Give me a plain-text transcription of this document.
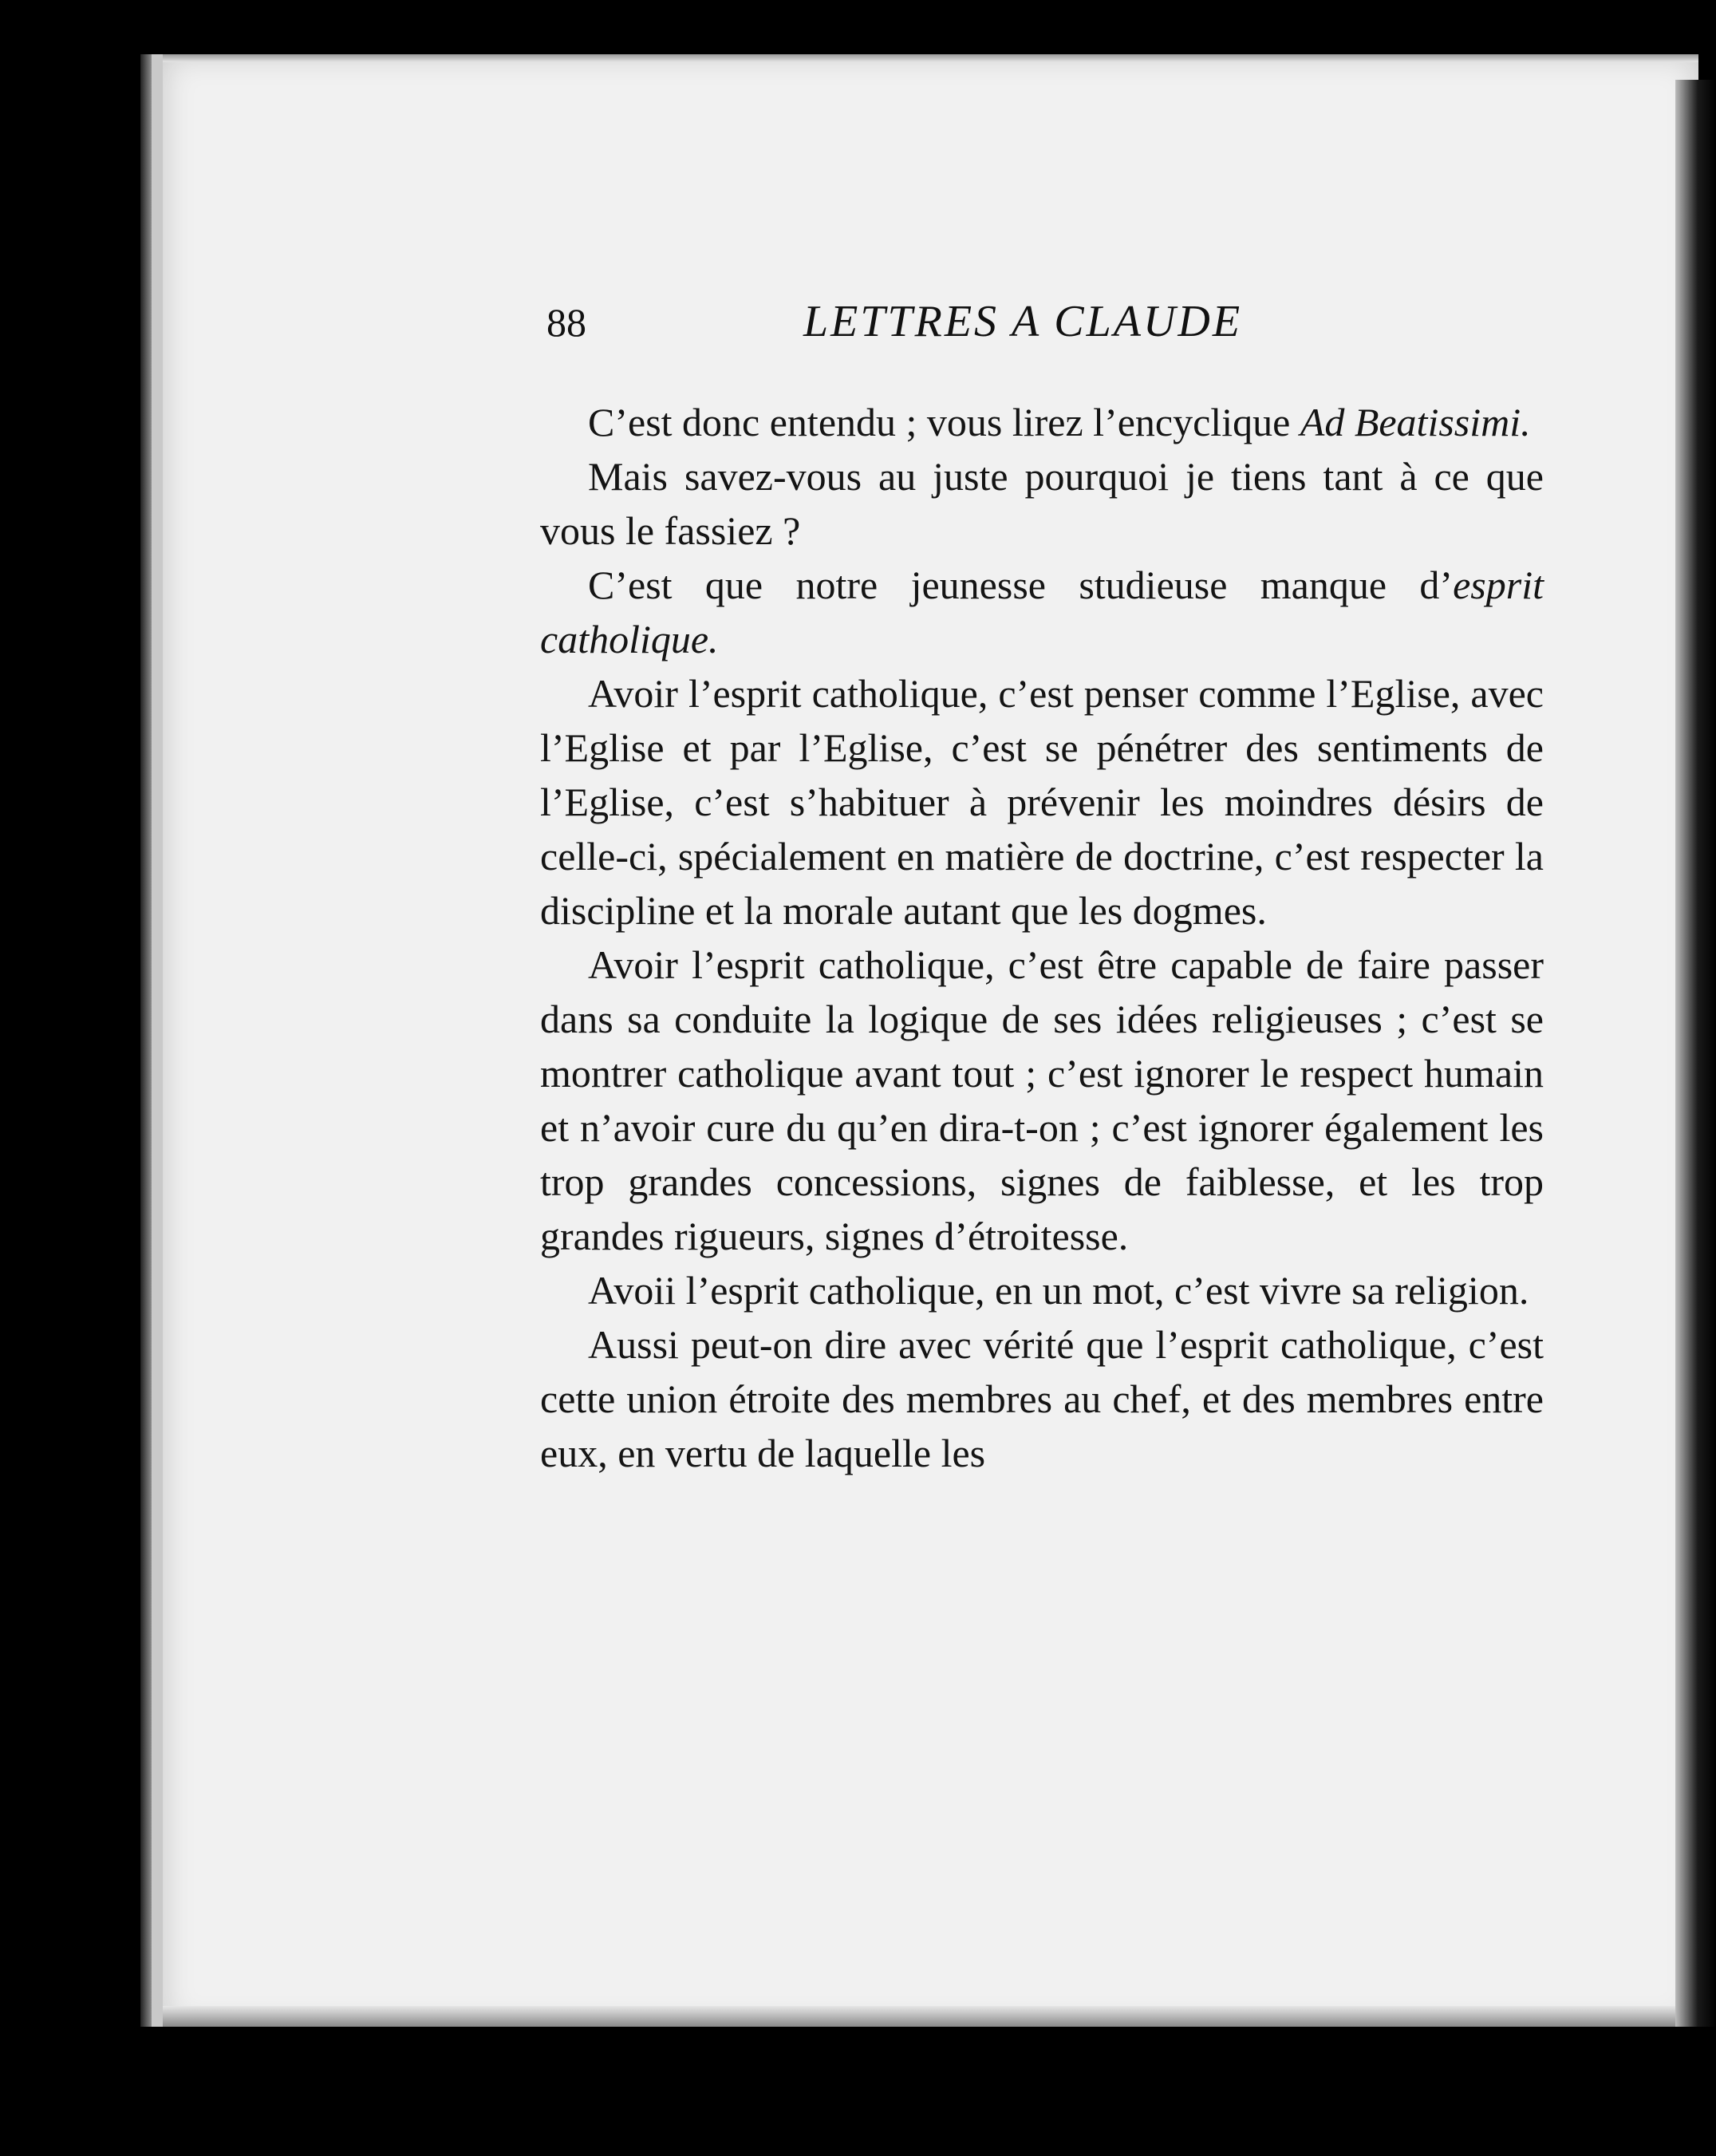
88	LETTRES A CLAUDE

C’est donc entendu ; vous lirez l’encyclique Ad Beatissimi.

Mais savez-vous au juste pourquoi je tiens tant à ce que vous le fassiez ?

C’est que notre jeunesse studieuse manque d’esprit catholique.

Avoir l’esprit catholique, c’est penser comme l’Eglise, avec l’Eglise et par l’Eglise, c’est se pénétrer des sentiments de l’Eglise, c’est s’habituer à prévenir les moindres désirs de celle-ci, spécialement en matière de doctrine, c’est respecter la discipline et la morale autant que les dogmes.

Avoir l’esprit catholique, c’est être capable de faire passer dans sa conduite la logique de ses idées religieuses ; c’est se montrer catholique avant tout ; c’est ignorer le respect humain et n’avoir cure du qu’en dira-t-on ; c’est ignorer également les trop grandes concessions, signes de faiblesse, et les trop grandes rigueurs, signes d’étroitesse.

Avoii l’esprit catholique, en un mot, c’est vivre sa religion.

Aussi peut-on dire avec vérité que l’esprit catholique, c’est cette union étroite des membres au chef, et des membres entre eux, en vertu de laquelle les
